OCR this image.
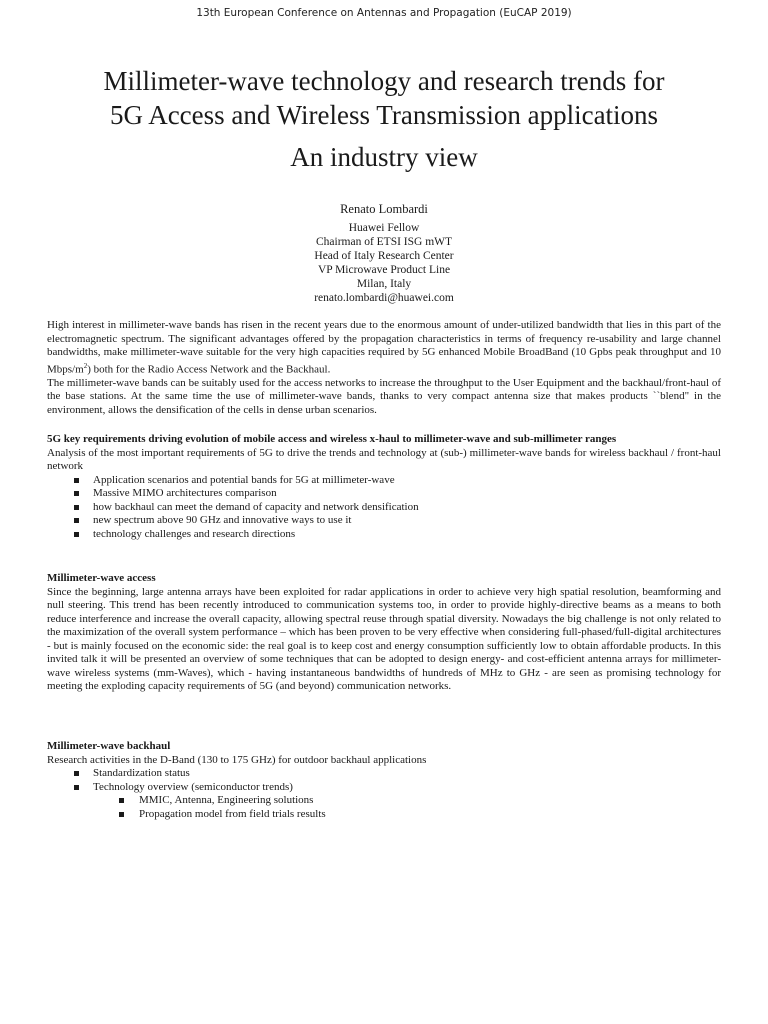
13th European Conference on Antennas and Propagation (EuCAP 2019)
Millimeter-wave technology and research trends for
5G Access and Wireless Transmission applications
An industry view
Renato Lombardi
Huawei Fellow
Chairman of ETSI ISG mWT
Head of Italy Research Center
VP Microwave Product Line
Milan, Italy
renato.lombardi@huawei.com

High interest in millimeter-wave bands has risen in the recent years due to the enormous amount of under-utilized bandwidth that lies in this part of the electromagnetic spectrum. The significant advantages offered by the propagation characteristics in terms of frequency re-usability and large channel bandwidths, make millimeter-wave suitable for the very high capacities required by 5G enhanced Mobile BroadBand (10 Gpbs peak throughput and 10 Mbps/$m^2$) both for the Radio Access Network and the Backhaul.

The millimeter-wave bands can be suitably used for the access networks to increase the throughput to the User Equipment and the backhaul/front-haul of the base stations. At the same time the use of millimeter-wave bands, thanks to very compact antenna size that makes products ``blend" in the environment, allows the densification of the cells in dense urban scenarios.

5G key requirements driving evolution of mobile access and wireless x-haul to millimeter-wave and sub-millimeter ranges

Analysis of the most important requirements of 5G to drive the trends and technology at (sub-) millimeter-wave bands for wireless backhaul / front-haul network

Application scenarios and potential bands for 5G at millimeter-wave
Massive MIMO architectures comparison
how backhaul can meet the demand of capacity and network densification
new spectrum above 90 GHz and innovative ways to use it
technology challenges and research directions
Millimeter-wave access

Since the beginning, large antenna arrays have been exploited for radar applications in order to achieve very high spatial resolution, beamforming and null steering. This trend has been recently introduced to communication systems too, in order to provide highly-directive beams as a means to both reduce interference and increase the overall capacity, allowing spectral reuse through spatial diversity. Nowadays the big challenge is not only related to the maximization of the overall system performance – which has been proven to be very effective when considering full-phased/full-digital architectures - but is mainly focused on the economic side: the real goal is to keep cost and energy consumption sufficiently low to obtain affordable products. In this invited talk it will be presented an overview of some techniques that can be adopted to design energy- and cost-efficient antenna arrays for millimeter-wave wireless systems (mm-Waves), which - having instantaneous bandwidths of hundreds of MHz to GHz - are seen as promising technology for meeting the exploding capacity requirements of 5G (and beyond) communication networks.

Millimeter-wave backhaul

Research activities in the D-Band (130 to 175 GHz) for outdoor backhaul applications

Standardization status
Technology overview (semiconductor trends)
MMIC, Antenna, Engineering solutions
Propagation model from field trials results
